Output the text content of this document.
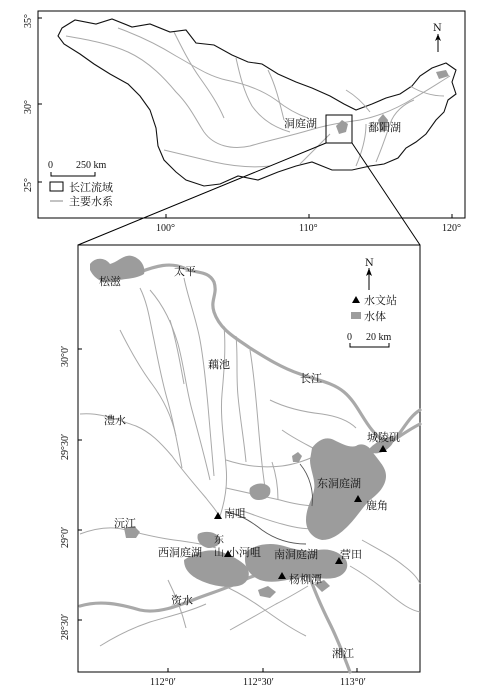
35°
30°
25°
100°	110°	120°
洞庭湖	鄱阳湖
N
0 250 km
长江流域
主要水系
30°0′
29°30′
29°0′
28°30′
112°0′	112°30′	113°0′
太平
松滋
藕池
长江
澧水
城陵矶
东洞庭湖
鹿角
南咀
沅江
东
西洞庭湖 山 小河咀 南洞庭湖 营田
杨柳潭
资水
湘江
N
水文站
水体
0 20 km
